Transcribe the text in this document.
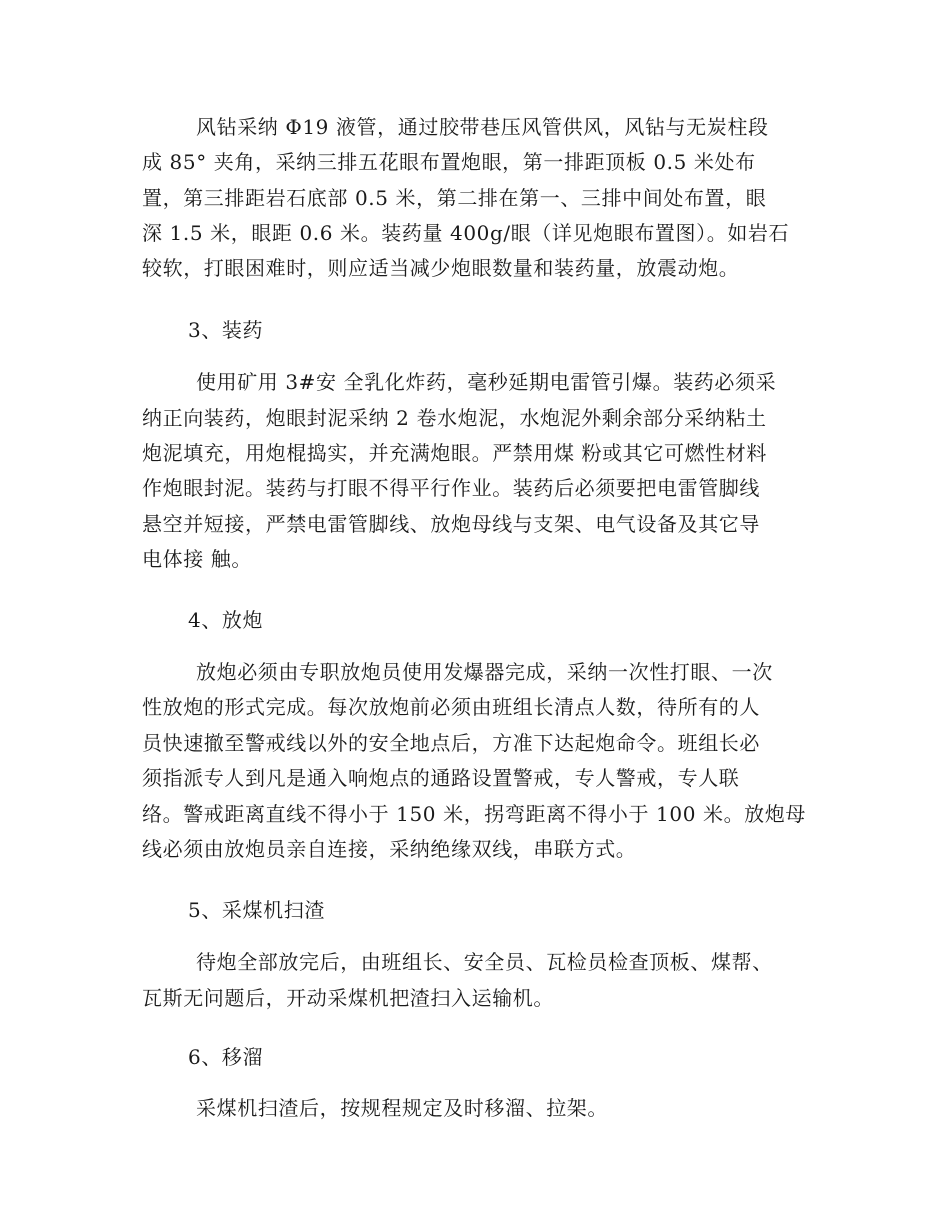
风钻采纳 Φ19 液管，通过胶带巷压风管供风，风钻与无炭柱段
成 85° 夹角，采纳三排五花眼布置炮眼，第一排距顶板 0.5 米处布
置，第三排距岩石底部 0.5 米，第二排在第一、三排中间处布置，眼
深 1.5 米，眼距 0.6 米。装药量 400g/眼（详见炮眼布置图）。如岩石
较软，打眼困难时，则应适当减少炮眼数量和装药量，放震动炮。
3、装药
使用矿用 3#安 全乳化炸药，毫秒延期电雷管引爆。装药必须采
纳正向装药，炮眼封泥采纳 2 卷水炮泥，水炮泥外剩余部分采纳粘土
炮泥填充，用炮棍捣实，并充满炮眼。严禁用煤 粉或其它可燃性材料
作炮眼封泥。装药与打眼不得平行作业。装药后必须要把电雷管脚线
悬空并短接，严禁电雷管脚线、放炮母线与支架、电气设备及其它导
电体接 触。
4、放炮
放炮必须由专职放炮员使用发爆器完成，采纳一次性打眼、一次
性放炮的形式完成。每次放炮前必须由班组长清点人数，待所有的人
员快速撤至警戒线以外的安全地点后，方准下达起炮命令。班组长必
须指派专人到凡是通入响炮点的通路设置警戒，专人警戒，专人联
络。警戒距离直线不得小于 150 米，拐弯距离不得小于 100 米。放炮母
线必须由放炮员亲自连接，采纳绝缘双线，串联方式。
5、采煤机扫渣
待炮全部放完后，由班组长、安全员、瓦检员检查顶板、煤帮、
瓦斯无问题后，开动采煤机把渣扫入运输机。
6、移溜
采煤机扫渣后，按规程规定及时移溜、拉架。
